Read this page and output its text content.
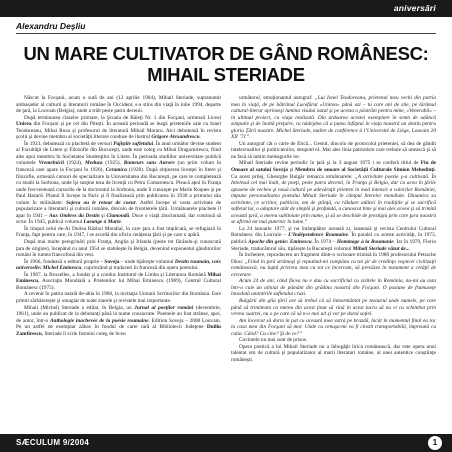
aniversări
Alexandru Deşliu
UN MARE CULTIVATOR DE GÂND ROMÂNESC:
MIHAIL STERIADE

Născut la Focşani, acum o sută de ani (12 aprilie 1904), Mihail Steriade, supranumit ambasador al culturii şi literaturii române în Occident, s-a stins din viaţă în iulie 1994, departe de ţară, la Louvain (Belgia), unde a trăit peste patru decenii.

După terminarea claselor primare, la Şcoala de Băieţi Nr. 1 din Focşani, urmează Liceul Unirea din Focşani şi pe cel din Piteşti. În această perioadă se leagă prieteniile sale cu Ionel Teodoreanu, Mihai Rusu şi profesorul de literatură Mihail Moraru. Aici debutează în revista şcolii şi devine membru al societăţii literare conduse de ilustrul Grigore Alexandrescu.

În 1923, debutează cu plachetă de versuri Pajiştile sufletului. În anul următor devine student al Facultăţii de Litere şi Filozofie din Bucureşti, unde este coleg cu Mihai Dragomirescu, fiind ales apoi membru în Societatea Studenţilor în Litere. În perioada studiilor universitare publică volumele Vremelnicii (1924), Meduza (1925), Rumeurs sans Aurore (un prim volum în franceză care apare la Focşani în 1926), Ceramica (1928). După obţinerea licenţei în litere şi filozofie, urmează cursuri de specializare la Universitatea din Bucureşti, pe care le completează cu studii la Sorbona, unde îşi susţine teza de licenţă cu Petru Comarnescu. Pleacă apoi în Franţa unde frecventează cursurile de la doctoratul la Sorbona, unde îl cunoaşte pe Marie Roques şi pe Paul Hazard. Planul îl începe la Paris şi îl finalizează prin publicarea în 1930 a primului său volum în străinătate: Sojeva ou le retour de coeur. Astfel începe el vasta activitate de popularizare a literaturii şi culturii române, dincolo de frontierele ţării. Următoarele plachete îl apar în 1941 – Aux Ombres du Destin şi Clamondă. Duce o viaţă zbuciumată, dar continuă să scrie. În 1945, publică volumul Laeange à Marie.

În timpul celui de-Al Doilea Război Mondial, în care ţara a fost implicată, se refugiază în Franţa, fapt pentru care, în 1947, i se acordă din oficiu cetăţenia ţării şi pe care o apără.

După mai multe peregrinări prin Franţa, Anglia şi Irlanda (peste tot făcându-şi cunoscută ţara de origine), începând cu anul 1954 se stabileşte în Belgia, devenind exponentul gânditorilor români în lumea francofonă din vest.

În 1966, fondează o editură proprie – Soveja – unde tipăreşte volumul Destin roumain, voix universelle: Michel Eminescu, cuprinzând şi traduceri în franceză din opera poetului.

În 1967, la Bruxelles, a fondat şi a condus Institutul de Limba şi Literatura Română Mihai Eminescu, Asociaţia Mondială a Prietenilor lui Mihai Eminescu (1969), Centrul Cultural Românesc (1975).

A revenit în patria natală de-abia în 1968, la invitaţia Uniunii Scriitorilor din România. Este primit sărbătoreşte şi omagiat de toate ziarele şi revistele mai importante.

Mihail (Michel) Steriade a editat, în Belgia, un Jurnal al poeţilor români (decembrie, 1961), unde au publicat de la debutanţi până la nume consacrate. Poemele au fost strânse, apoi, de autor, într-o Anthologie inachevée de la poésie roumaine. Edition Soveja – 2000 Louvain. Pe un astfel de exemplar zăbav în fondul de carte rară al Bibliotecii Judeţene Duiliu Zamfirescu, Steriade îi scrie fostului coleg de liceu

următorul, emoţionantul autograf: „Lui Ionel Teodoreanu, prietenul meu vechi din patria mea în viaţă, de pe bătrânul Lucefărul «Unirea» până azi – tu care ani de zile, pe tărâmul cultural-literar aprinseşi lumina visului natal şi pe acesta o păstrăm pentru mine, «Venerabil» – în ultimul proiect, cu viaţa realizată. Din ardoarea acestei exemplare în semn de adâncă simpatie şi de înaltă preţuire, cu nădejdea că a putea înfăptui în viaţa noastră un destin pentru gloria Ţării noastre. Michel Steriade, maître de conférence à l’Université de Liège, Louvain 20 XII ’71”.

Un autograf cât o carte de Etică... Gestul, dincolo de protocolul prieteniei, să dea de gândit intelectualilor şi politicienilor, deopotrivă. Mai ales linia patriotism care trebuie să unească şi să ne facă să iubim meleagurile lor.

Mihail Steriade revine periodic în ţară şi la 3 august 1975 i se conferă titlul de Fiu de Onoare al satului Soveja şi Membru de onoare al Societăţii Culturale Simion Mehedinţi. Cu acest prilej, Gheorghe Bulgăr remarca următoarele: „A activitate poezie ş-a cultivată. În Intelesul cel mai înalt, de poeţi, peste patru decenii, în Franţa şi Belgia, dar cu acea în ţările apusene de vechea şi nouă cultură pe adevăraţii prieteni în mod intensiv a valorilor României, impune personalitatea poetului Mihail Steriade în câmpul literelor mondiale. Dinamica sa activitate, ce scriitor, publicist, om de ştiinţă, cu răbdare adânci în tradiţiile şi se sacrifică sufletul lui, o adaptare atât de simplă şi profundă, a cunoscut bine şi mai ales aceea şi să trimită această ţară, a mereu subliniate prin nume, şi să se deschide de prestigiu prin care ţara noastră se afirmă tot mai puternic în lume.”

La 24 ianuarie 1977, şi nu întâmplător această zi, lansează şi revista Centrului Cultural Românesc din Louvain – L’Indépendence Roumaine. În paralel cu aceste activităţi, în 1973, publică Apoche din genie: Eminescu. În 1974 – Hommage à la Roumanie. Iar în 1979, Florin Steriade, traducătorul său, tipăreşte la Bucureşti volumul Mihail Steriade văzut de...

În încheiere, reproducem un fragment dintr-o scrisoare trimisă în 1988 profesorului Petrache Dinu: „Fiind în ţară strămoşi şi reputând-mi cumpăna cu tot şir de credinţa veşnicei civilizaţii românească, nu luptă privirea mea cu tot ce încercam, să prevăzez în testament a cetăţii de cercetare.

Acum 24 de ani, când făcea nu e dau cu sacrificiul cu vizitele în România, nu-mi au asta într-o cule un aliniat de pământ din grădina noastră din Focşani. O pasiune de frumuseţe înnodată amintirile sufletului cruzi.

Bulgării din glia ţării are să trebui că să înmormântat pe tezaurul unde numele, pe care până să trimiteam ca mereu din acest ţinut să vină în acest lucru să nu vi cu schimbat prin vrerea suartei, nu o pe care că să n-o mai uit şi vor pe dorul soţiei.

Am încercat să dorm în pat cu această mea vatră pe brazdă, încât în momentul final eu loc la casa mea din Focşani să mor. Unde cu cenuşa-mi va fi cinstit transportabilă, împreună cu cutia. Când? Cu cine? Şi de ce?”

Cuvintele nu mai sunt de prisos.

Opera poetică a lui Mihail Steriade nu a înbogăţit lirica românească, dar este opera unui talentat om de cultură şi popularizator al marii literaturi române, al unei autentice conştiinţe româneşti.

SÆCULUM 9/2004	1
